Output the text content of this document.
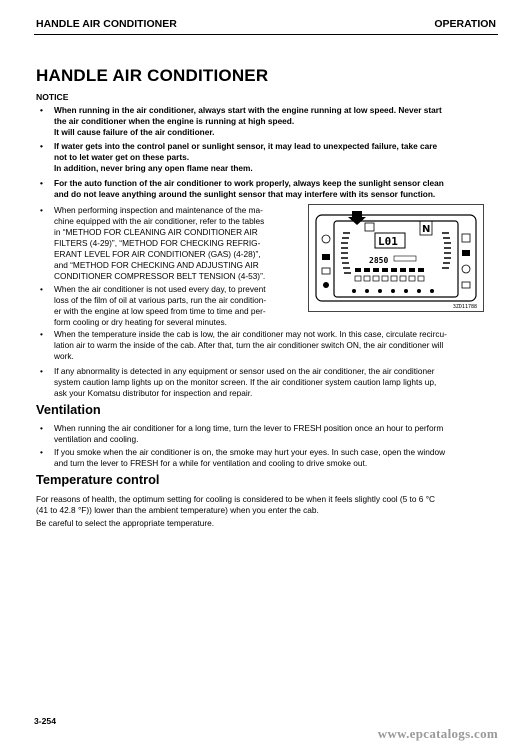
HANDLE AIR CONDITIONER	OPERATION
HANDLE AIR CONDITIONER
NOTICE
• When running in the air conditioner, always start with the engine running at low speed. Never start
the air conditioner when the engine is running at high speed.
It will cause failure of the air conditioner.
• If water gets into the control panel or sunlight sensor, it may lead to unexpected failure, take care
not to let water get on these parts.
In addition, never bring any open flame near them.
• For the auto function of the air conditioner to work properly, always keep the sunlight sensor clean
and do not leave anything around the sunlight sensor that may interfere with its sensor function.
• When performing inspection and maintenance of the ma-
chine equipped with the air conditioner, refer to the tables
in “METHOD FOR CLEANING AIR CONDITIONER AIR
FILTERS (4-29)”, “METHOD FOR CHECKING REFRIG-
ERANT LEVEL FOR AIR CONDITIONER (GAS) (4-28)”,
and “METHOD FOR CHECKING AND ADJUSTING AIR
CONDITIONER COMPRESSOR BELT TENSION (4-53)”.
• When the air conditioner is not used every day, to prevent
loss of the film of oil at various parts, run the air condition-
er with the engine at low speed from time to time and per-
form cooling or dry heating for several minutes.
N
L01
2850
3ZD11788
• When the temperature inside the cab is low, the air conditioner may not work. In this case, circulate recircu-
lation air to warm the inside of the cab. After that, turn the air conditioner switch ON, the air conditioner will
work.
• If any abnormality is detected in any equipment or sensor used on the air conditioner, the air conditioner
system caution lamp lights up on the monitor screen. If the air conditioner system caution lamp lights up,
ask your Komatsu distributor for inspection and repair.
Ventilation
• When running the air conditioner for a long time, turn the lever to FRESH position once an hour to perform
ventilation and cooling.
• If you smoke when the air conditioner is on, the smoke may hurt your eyes. In such case, open the window
and turn the lever to FRESH for a while for ventilation and cooling to drive smoke out.
Temperature control
For reasons of health, the optimum setting for cooling is considered to be when it feels slightly cool (5 to 6 °C
(41 to 42.8 °F)) lower than the ambient temperature) when you enter the cab.
Be careful to select the appropriate temperature.
3-254
www.epcatalogs.com
